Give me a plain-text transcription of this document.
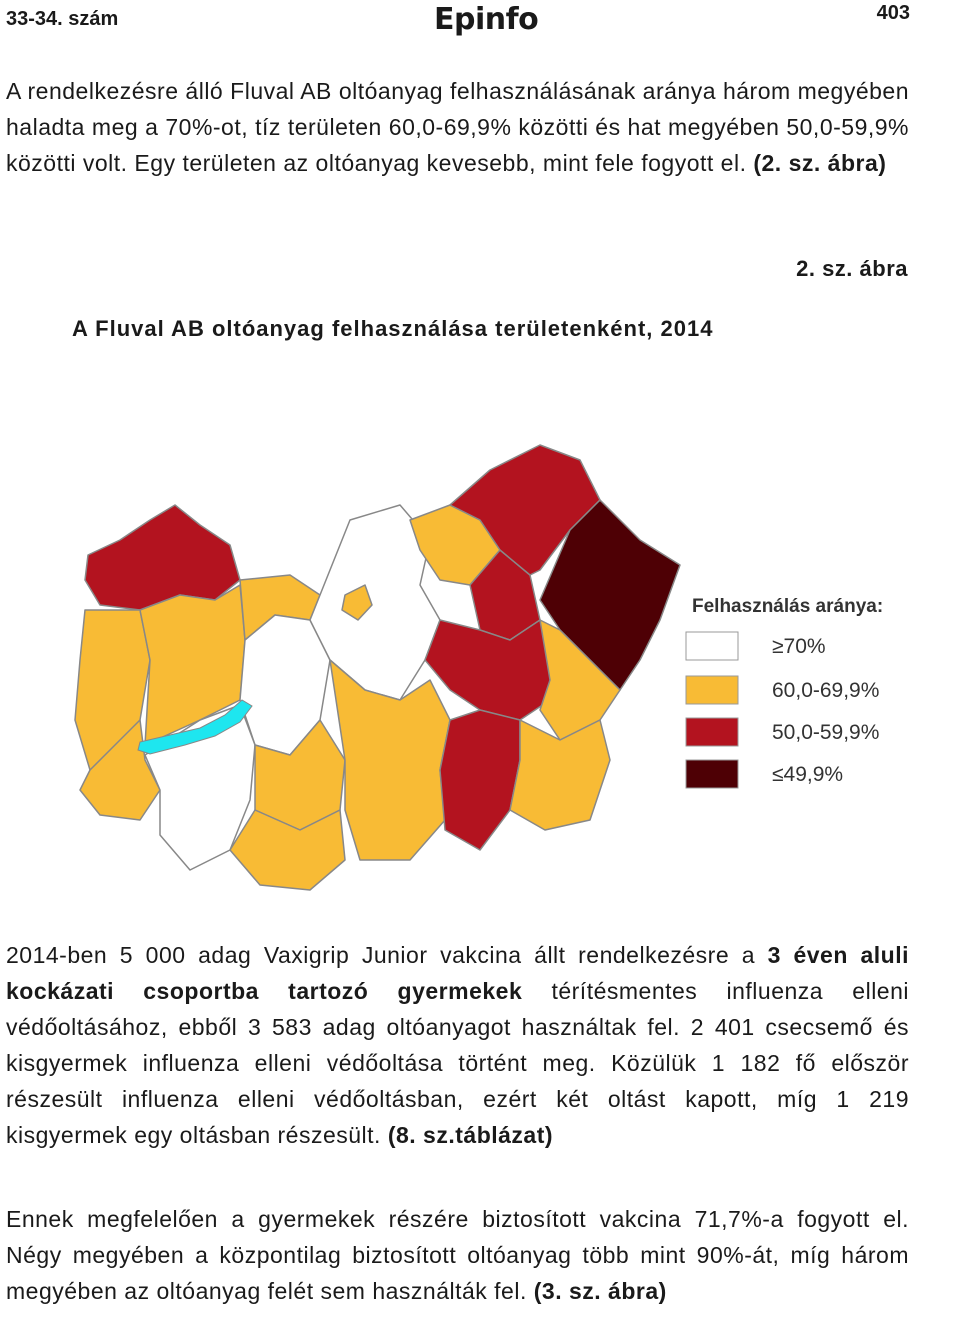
33-34. szám	Epinfo	403
A rendelkezésre álló Fluval AB oltóanyag felhasználásának aránya három megyében haladta meg a 70%-ot, tíz területen 60,0-69,9% közötti és hat megyében 50,0-59,9% közötti volt. Egy területen az oltóanyag kevesebb, mint fele fogyott el. (2. sz. ábra)
2. sz. ábra
A Fluval AB oltóanyag felhasználása területenként, 2014
Felhasználás aránya:
≥70%
60,0-69,9%
50,0-59,9%
≤49,9%
2014-ben 5 000 adag Vaxigrip Junior vakcina állt rendelkezésre a 3 éven aluli kockázati csoportba tartozó gyermekek térítésmentes influenza elleni védőoltásához, ebből 3 583 adag oltóanyagot használtak fel. 2 401 csecsemő és kisgyermek influenza elleni védőoltása történt meg. Közülük 1 182 fő először részesült influenza elleni védőoltásban, ezért két oltást kapott, míg 1 219 kisgyermek egy oltásban részesült. (8. sz.táblázat)
Ennek megfelelően a gyermekek részére biztosított vakcina 71,7%-a fogyott el. Négy megyében a központilag biztosított oltóanyag több mint 90%-át, míg három megyében az oltóanyag felét sem használták fel. (3. sz. ábra)
